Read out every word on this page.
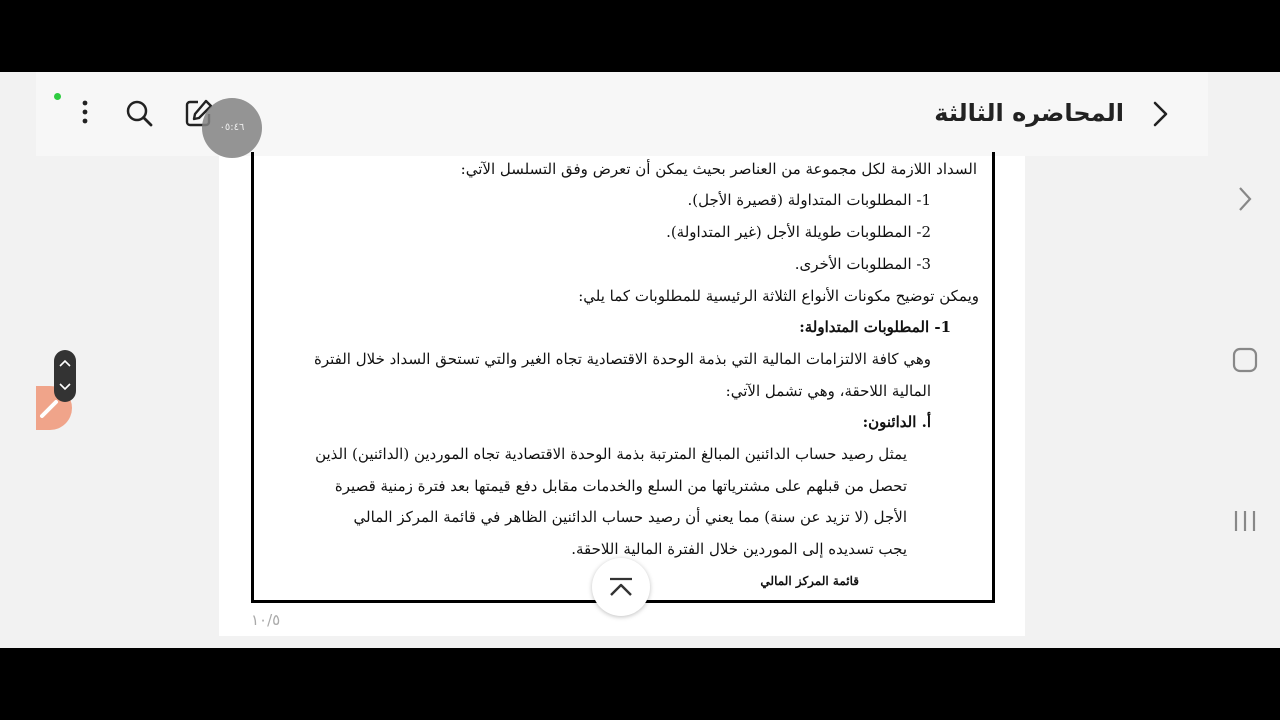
المحاضره الثالثة
السداد اللازمة لكل مجموعة من العناصر بحيث يمكن أن تعرض وفق التسلسل الآتي:
1- المطلوبات المتداولة (قصيرة الأجل).
2- المطلوبات طويلة الأجل (غير المتداولة).
3- المطلوبات الأخرى.
ويمكن توضيح مكونات الأنواع الثلاثة الرئيسية للمطلوبات كما يلي:
1- المطلوبات المتداولة:
وهي كافة الالتزامات المالية التي بذمة الوحدة الاقتصادية تجاه الغير والتي تستحق السداد خلال الفترة
المالية اللاحقة، وهي تشمل الآتي:
أ. الدائنون:
يمثل رصيد حساب الدائنين المبالغ المترتبة بذمة الوحدة الاقتصادية تجاه الموردين (الدائنين) الذين
تحصل من قبلهم على مشترياتها من السلع والخدمات مقابل دفع قيمتها بعد فترة زمنية قصيرة
الأجل (لا تزيد عن سنة) مما يعني أن رصيد حساب الدائنين الظاهر في قائمة المركز المالي
يجب تسديده إلى الموردين خلال الفترة المالية اللاحقة.
قائمة المركز المالي
١٠/٥
٠٥:٤٦
